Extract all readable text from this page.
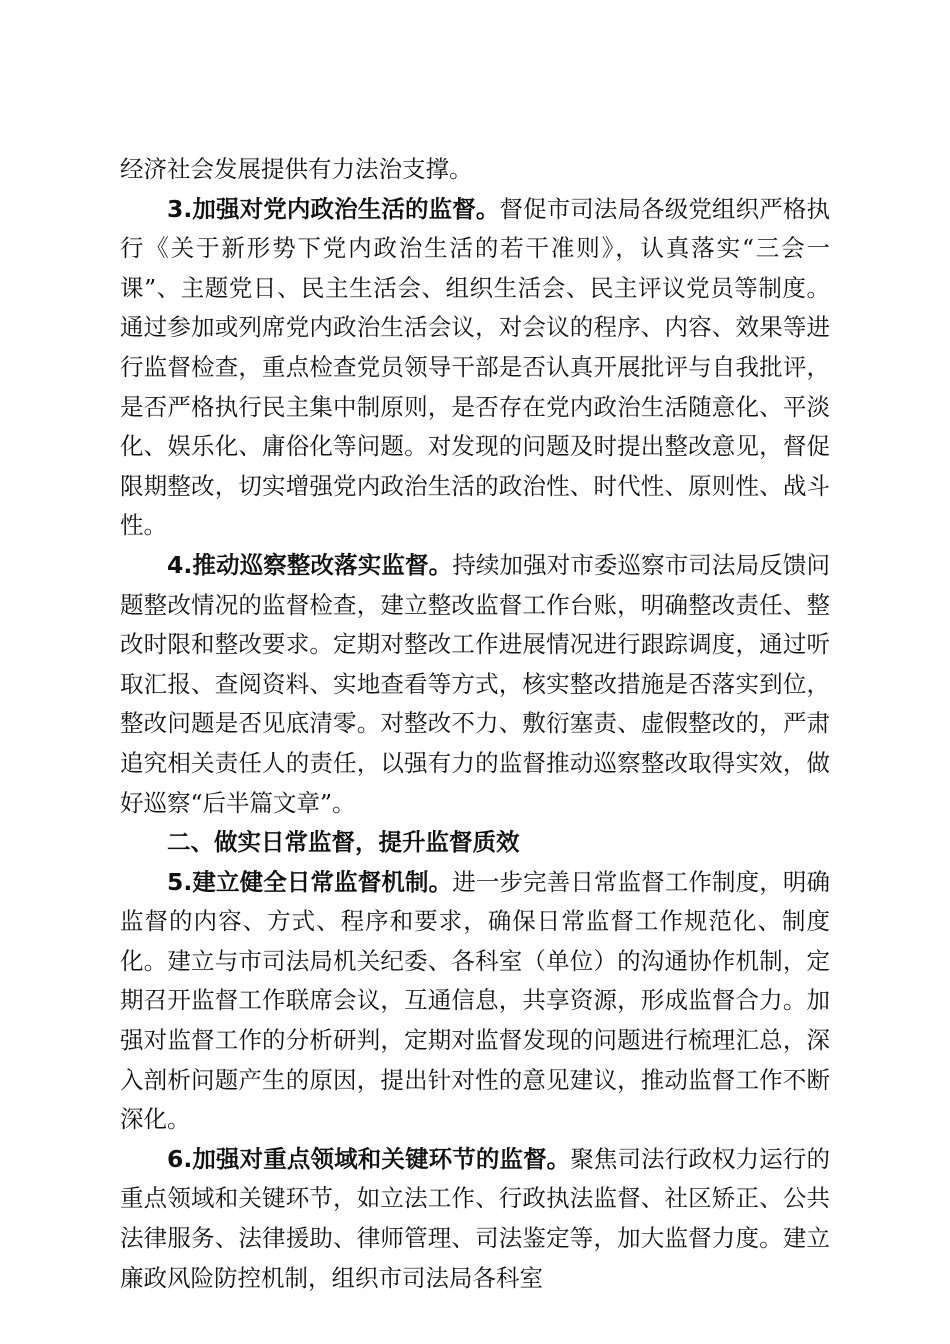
经济社会发展提供有力法治支撑。

3.加强对党内政治生活的监督。督促市司法局各级党组织严格执行《关于新形势下党内政治生活的若干准则》，认真落实“三会一课”、主题党日、民主生活会、组织生活会、民主评议党员等制度。通过参加或列席党内政治生活会议，对会议的程序、内容、效果等进行监督检查，重点检查党员领导干部是否认真开展批评与自我批评，是否严格执行民主集中制原则，是否存在党内政治生活随意化、平淡化、娱乐化、庸俗化等问题。对发现的问题及时提出整改意见，督促限期整改，切实增强党内政治生活的政治性、时代性、原则性、战斗性。

4.推动巡察整改落实监督。持续加强对市委巡察市司法局反馈问题整改情况的监督检查，建立整改监督工作台账，明确整改责任、整改时限和整改要求。定期对整改工作进展情况进行跟踪调度，通过听取汇报、查阅资料、实地查看等方式，核实整改措施是否落实到位，整改问题是否见底清零。对整改不力、敷衍塞责、虚假整改的，严肃追究相关责任人的责任，以强有力的监督推动巡察整改取得实效，做好巡察“后半篇文章”。

二、做实日常监督，提升监督质效

5.建立健全日常监督机制。进一步完善日常监督工作制度，明确监督的内容、方式、程序和要求，确保日常监督工作规范化、制度化。建立与市司法局机关纪委、各科室（单位）的沟通协作机制，定期召开监督工作联席会议，互通信息，共享资源，形成监督合力。加强对监督工作的分析研判，定期对监督发现的问题进行梳理汇总，深入剖析问题产生的原因，提出针对性的意见建议，推动监督工作不断深化。

6.加强对重点领域和关键环节的监督。聚焦司法行政权力运行的重点领域和关键环节，如立法工作、行政执法监督、社区矫正、公共法律服务、法律援助、律师管理、司法鉴定等，加大监督力度。建立廉政风险防控机制，组织市司法局各科室
